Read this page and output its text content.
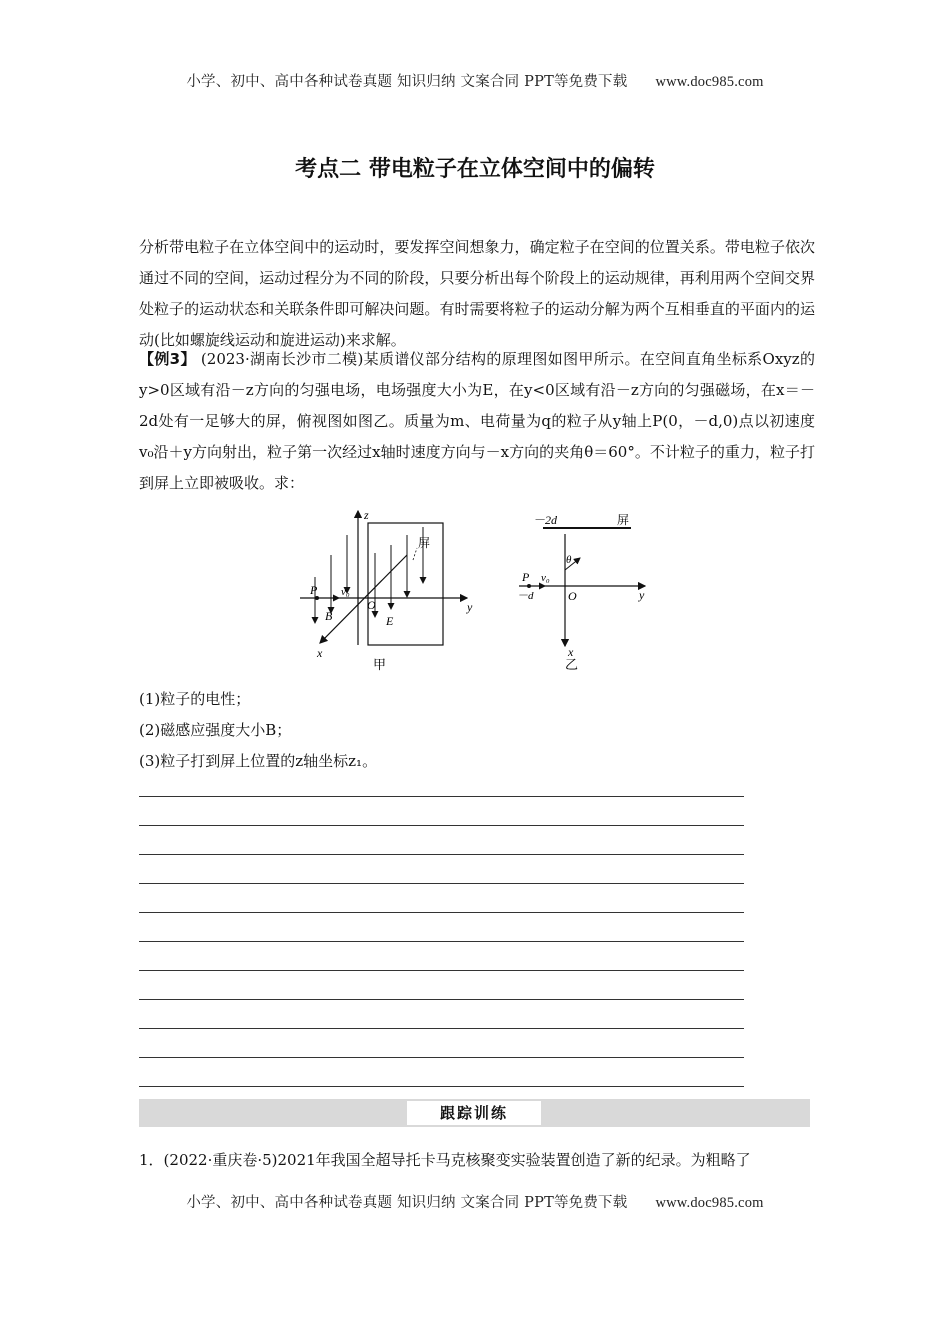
小学、初中、高中各种试卷真题 知识归纳 文案合同 PPT等免费下载 www.doc985.com
考点二 带电粒子在立体空间中的偏转
分析带电粒子在立体空间中的运动时，要发挥空间想象力，确定粒子在空间的位置关系。带电粒子依次通过不同的空间，运动过程分为不同的阶段，只要分析出每个阶段上的运动规律，再利用两个空间交界处粒子的运动状态和关联条件即可解决问题。有时需要将粒子的运动分解为两个互相垂直的平面内的运动(比如螺旋线运动和旋进运动)来求解。
【例3】 (2023·湖南长沙市二模)某质谱仪部分结构的原理图如图甲所示。在空间直角坐标系Oxyz的y>0区域有沿－z方向的匀强电场，电场强度大小为E，在y<0区域有沿－z方向的匀强磁场，在x＝－2d处有一足够大的屏，俯视图如图乙。质量为m、电荷量为q的粒子从y轴上P(0，－d,0)点以初速度v₀沿＋y方向射出，粒子第一次经过x轴时速度方向与－x方向的夹角θ＝60°。不计粒子的重力，粒子打到屏上立即被吸收。求：
z
y
x
O
B
P v₀
E
屏
甲
－2d	屏
x
y
O
θ
P v₀
－d
乙
(1)粒子的电性；
(2)磁感应强度大小B；
(3)粒子打到屏上位置的z轴坐标z₁。
跟踪训练
1．(2022·重庆卷·5)2021年我国全超导托卡马克核聚变实验装置创造了新的纪录。为粗略了
小学、初中、高中各种试卷真题 知识归纳 文案合同 PPT等免费下载 www.doc985.com
